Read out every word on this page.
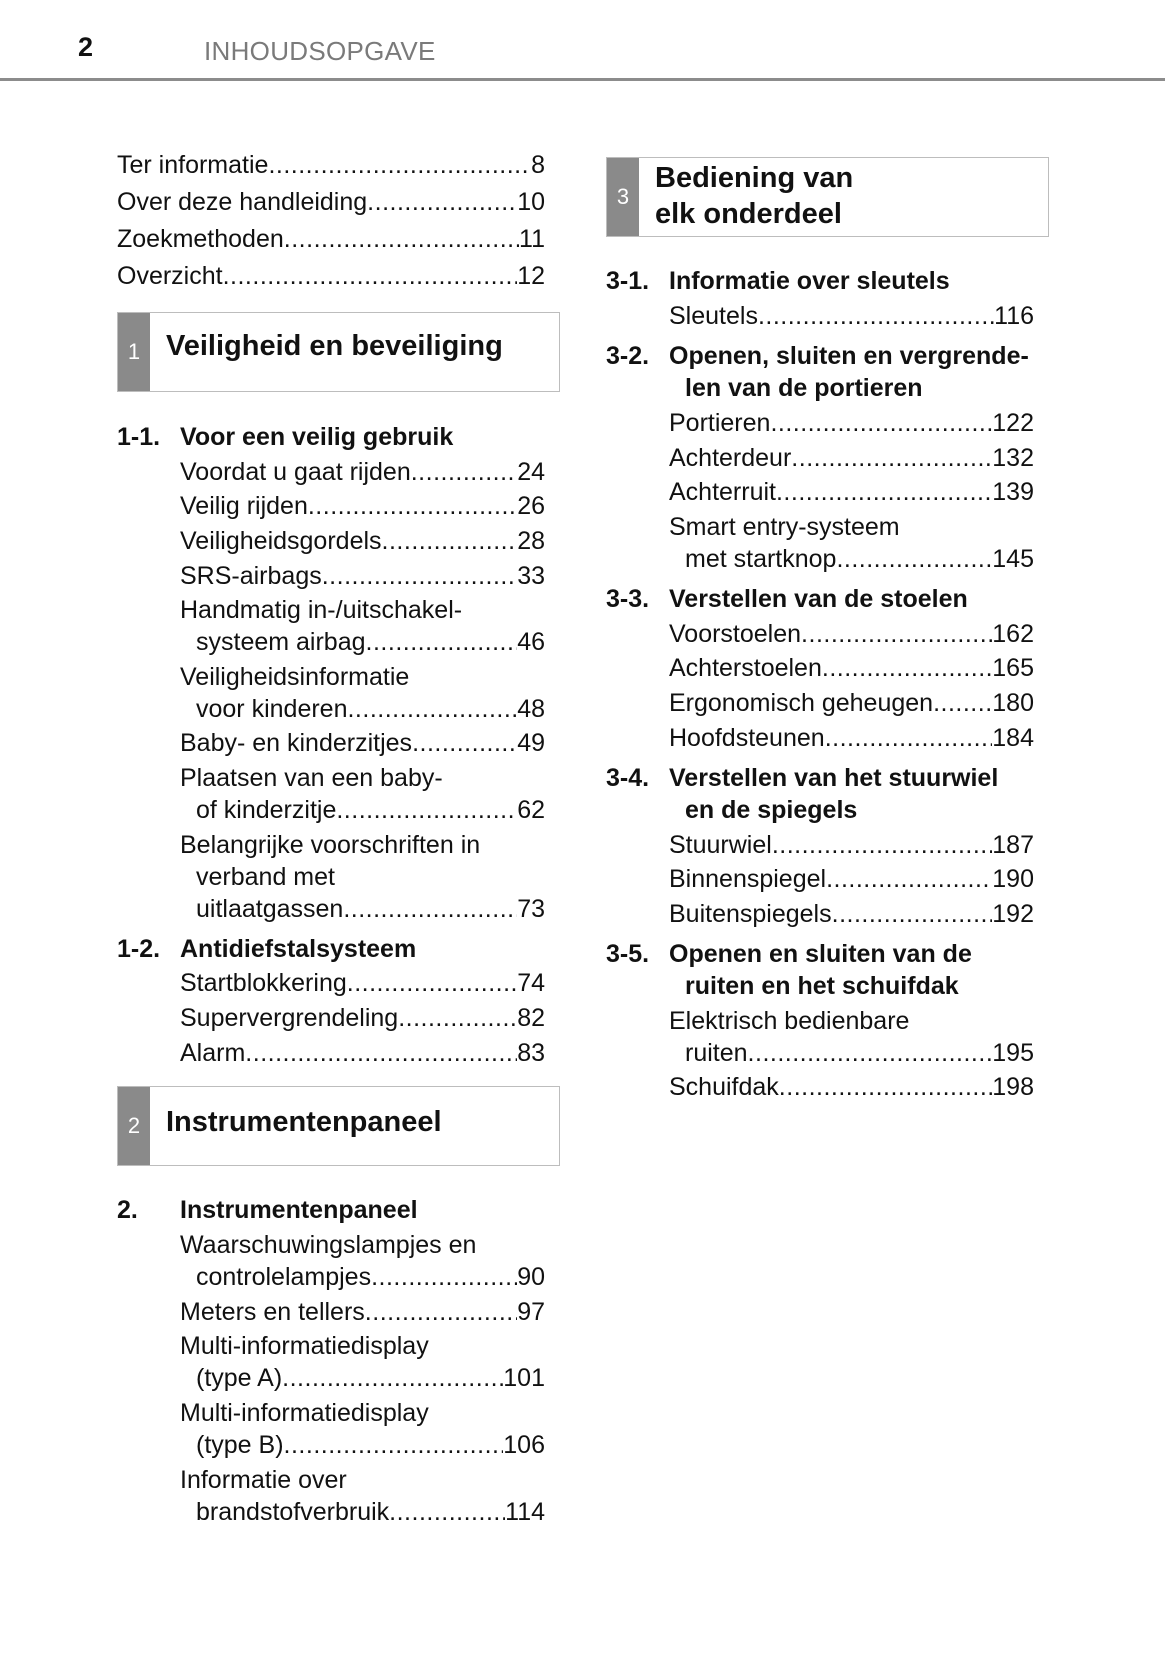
2	INHOUDSOPGAVE
Ter informatie .....	8
Over deze handleiding .....	10
Zoekmethoden .....	11
Overzicht .....	12
1 Veiligheid en beveiliging
1-1. Voor een veilig gebruik
Voordat u gaat rijden .....	24
Veilig rijden .....	26
Veiligheidsgordels .....	28
SRS-airbags .....	33
Handmatig in-/uitschakel-
systeem airbag .....	46
Veiligheidsinformatie
voor kinderen .....	48
Baby- en kinderzitjes .....	49
Plaatsen van een baby-
of kinderzitje .....	62
Belangrijke voorschriften in
verband met
uitlaatgassen .....	73
1-2. Antidiefstalsysteem
Startblokkering .....	74
Supervergrendeling .....	82
Alarm .....	83
2 Instrumentenpaneel
2. Instrumentenpaneel
Waarschuwingslampjes en
controlelampjes .....	90
Meters en tellers .....	97
Multi-informatiedisplay
(type A) .....	101
Multi-informatiedisplay
(type B) .....	106
Informatie over
brandstofverbruik .....	114
3
Bediening van
elk onderdeel
3-1. Informatie over sleutels
Sleutels .....	116
3-2. Openen, sluiten en vergrende-
len van de portieren
Portieren .....	122
Achterdeur .....	132
Achterruit .....	139
Smart entry-systeem
met startknop .....	145
3-3. Verstellen van de stoelen
Voorstoelen .....	162
Achterstoelen .....	165
Ergonomisch geheugen ..... 180
Hoofdsteunen .....	184
3-4. Verstellen van het stuurwiel
en de spiegels
Stuurwiel .....	187
Binnenspiegel .....	190
Buitenspiegels .....	192
3-5. Openen en sluiten van de
ruiten en het schuifdak
Elektrisch bedienbare
ruiten .....	195
Schuifdak .....	198
